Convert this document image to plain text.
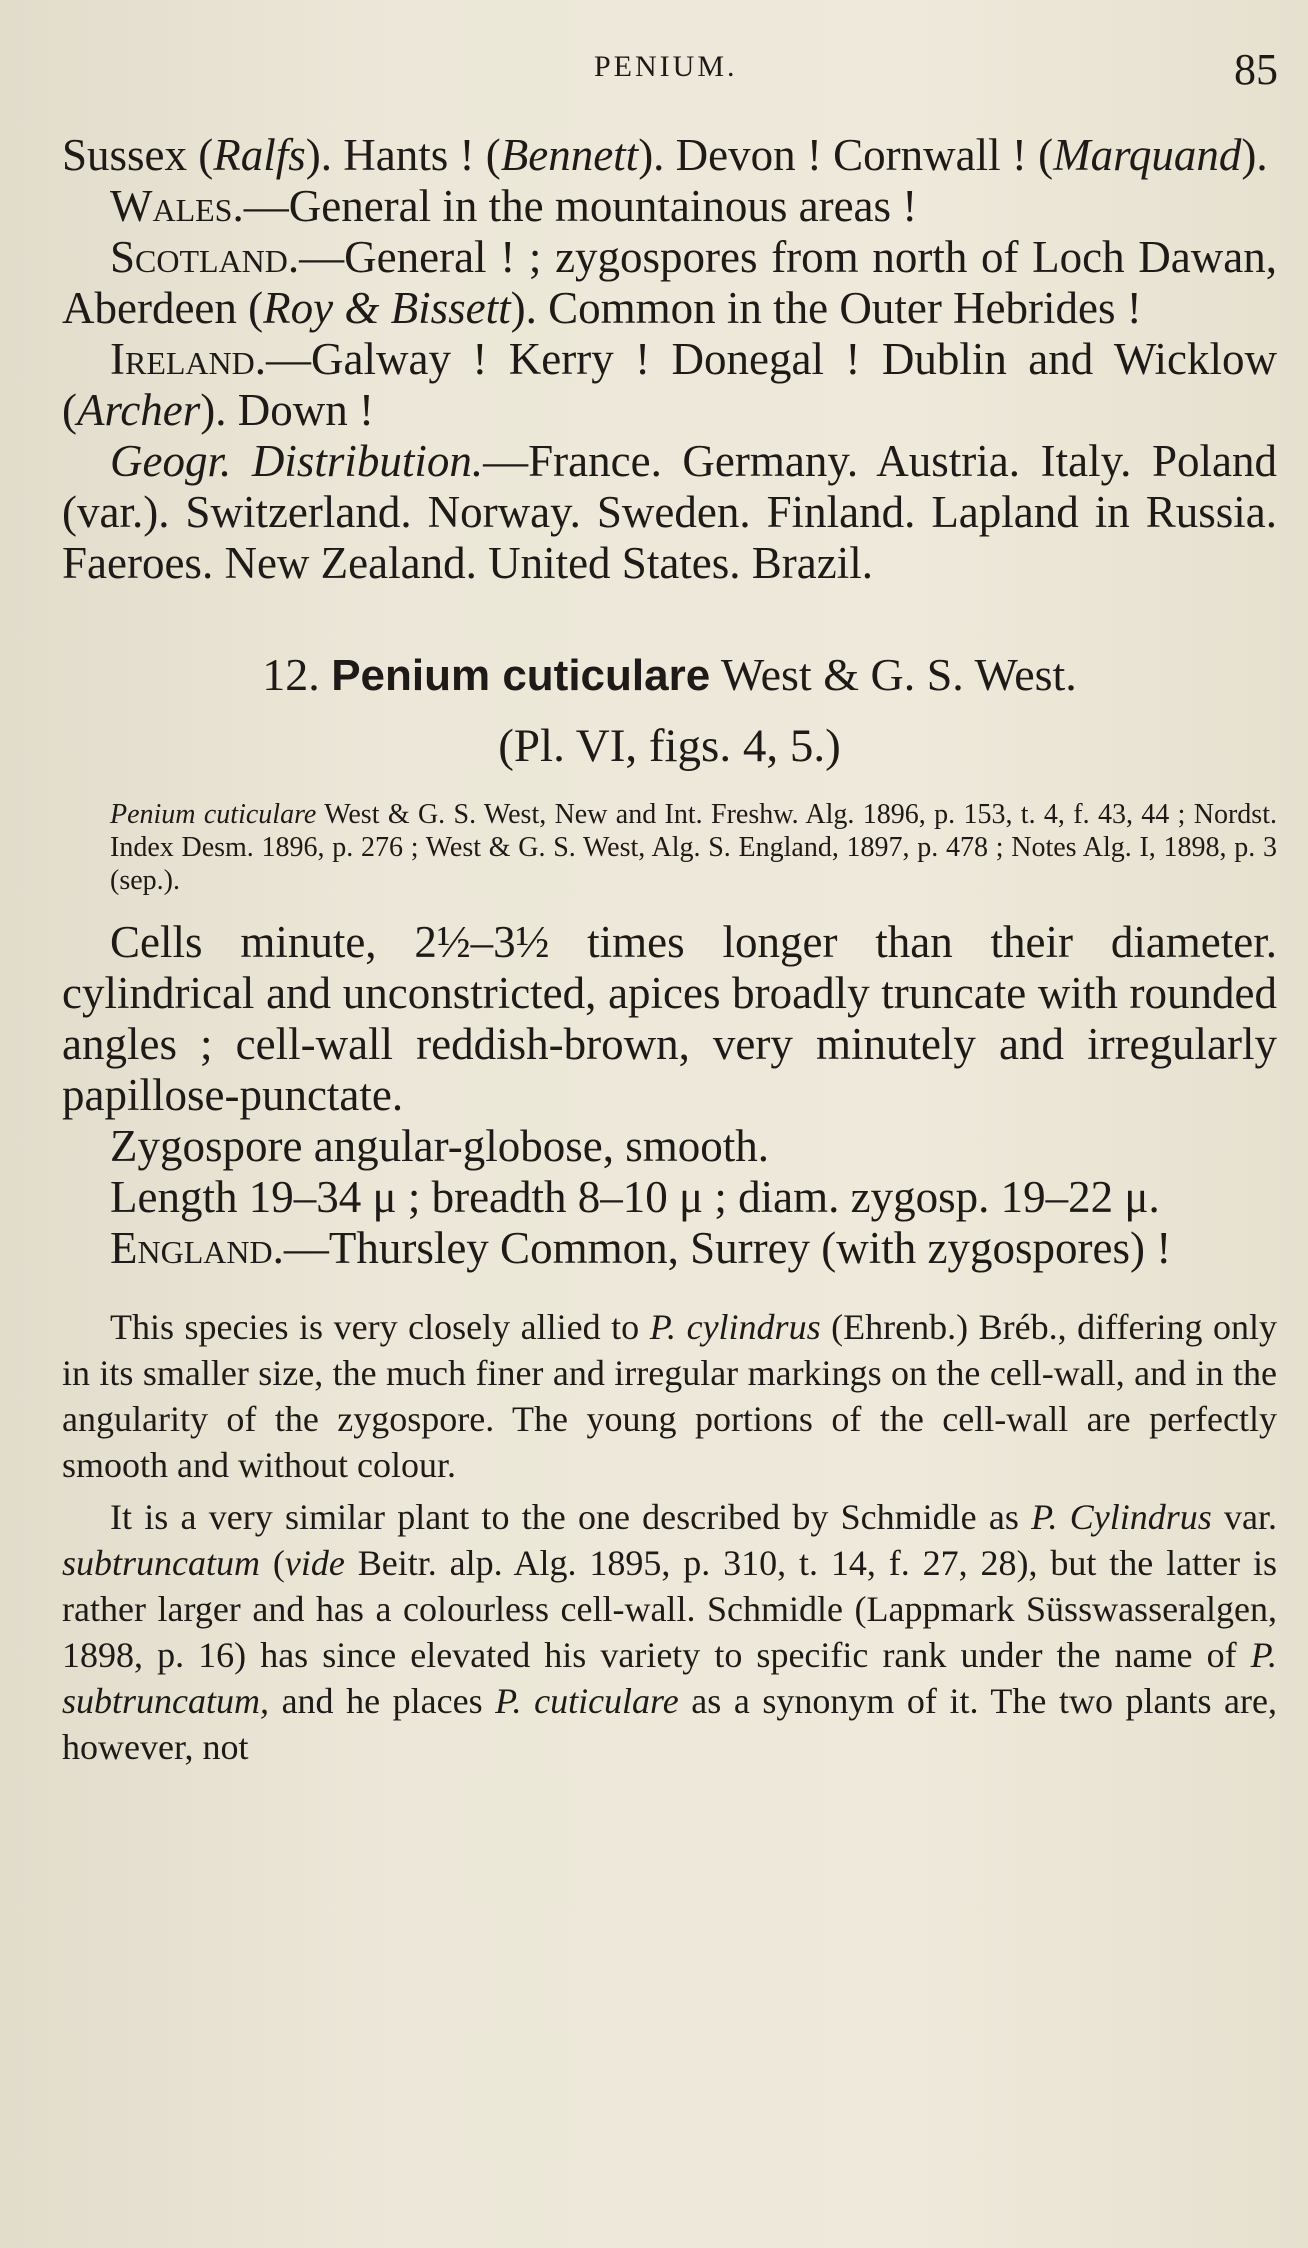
PENIUM.	85

Sussex (Ralfs). Hants ! (Bennett). Devon ! Cornwall ! (Marquand).

Wales.—General in the mountainous areas !

Scotland.—General ! ; zygospores from north of Loch Dawan, Aberdeen (Roy & Bissett). Common in the Outer Hebrides !

Ireland.—Galway ! Kerry ! Donegal ! Dublin and Wicklow (Archer). Down !

Geogr. Distribution.—France. Germany. Austria. Italy. Poland (var.). Switzerland. Norway. Sweden. Finland. Lapland in Russia. Faeroes. New Zealand. United States. Brazil.

12. Penium cuticulare West & G. S. West.
(Pl. VI, figs. 4, 5.)

Penium cuticulare West & G. S. West, New and Int. Freshw. Alg. 1896, p. 153, t. 4, f. 43, 44 ; Nordst. Index Desm. 1896, p. 276 ; West & G. S. West, Alg. S. England, 1897, p. 478 ; Notes Alg. I, 1898, p. 3 (sep.).

Cells minute, 2½–3½ times longer than their diameter. cylindrical and unconstricted, apices broadly truncate with rounded angles ; cell-wall reddish-brown, very minutely and irregularly papillose-punctate.

Zygospore angular-globose, smooth.

Length 19–34 μ ; breadth 8–10 μ ; diam. zygosp. 19–22 μ.

England.—Thursley Common, Surrey (with zygospores) !

This species is very closely allied to P. cylindrus (Ehrenb.) Bréb., differing only in its smaller size, the much finer and irregular markings on the cell-wall, and in the angularity of the zygospore. The young portions of the cell-wall are perfectly smooth and without colour.

It is a very similar plant to the one described by Schmidle as P. Cylindrus var. subtruncatum (vide Beitr. alp. Alg. 1895, p. 310, t. 14, f. 27, 28), but the latter is rather larger and has a colourless cell-wall. Schmidle (Lappmark Süsswasseralgen, 1898, p. 16) has since elevated his variety to specific rank under the name of P. subtruncatum, and he places P. cuticulare as a synonym of it. The two plants are, however, not
